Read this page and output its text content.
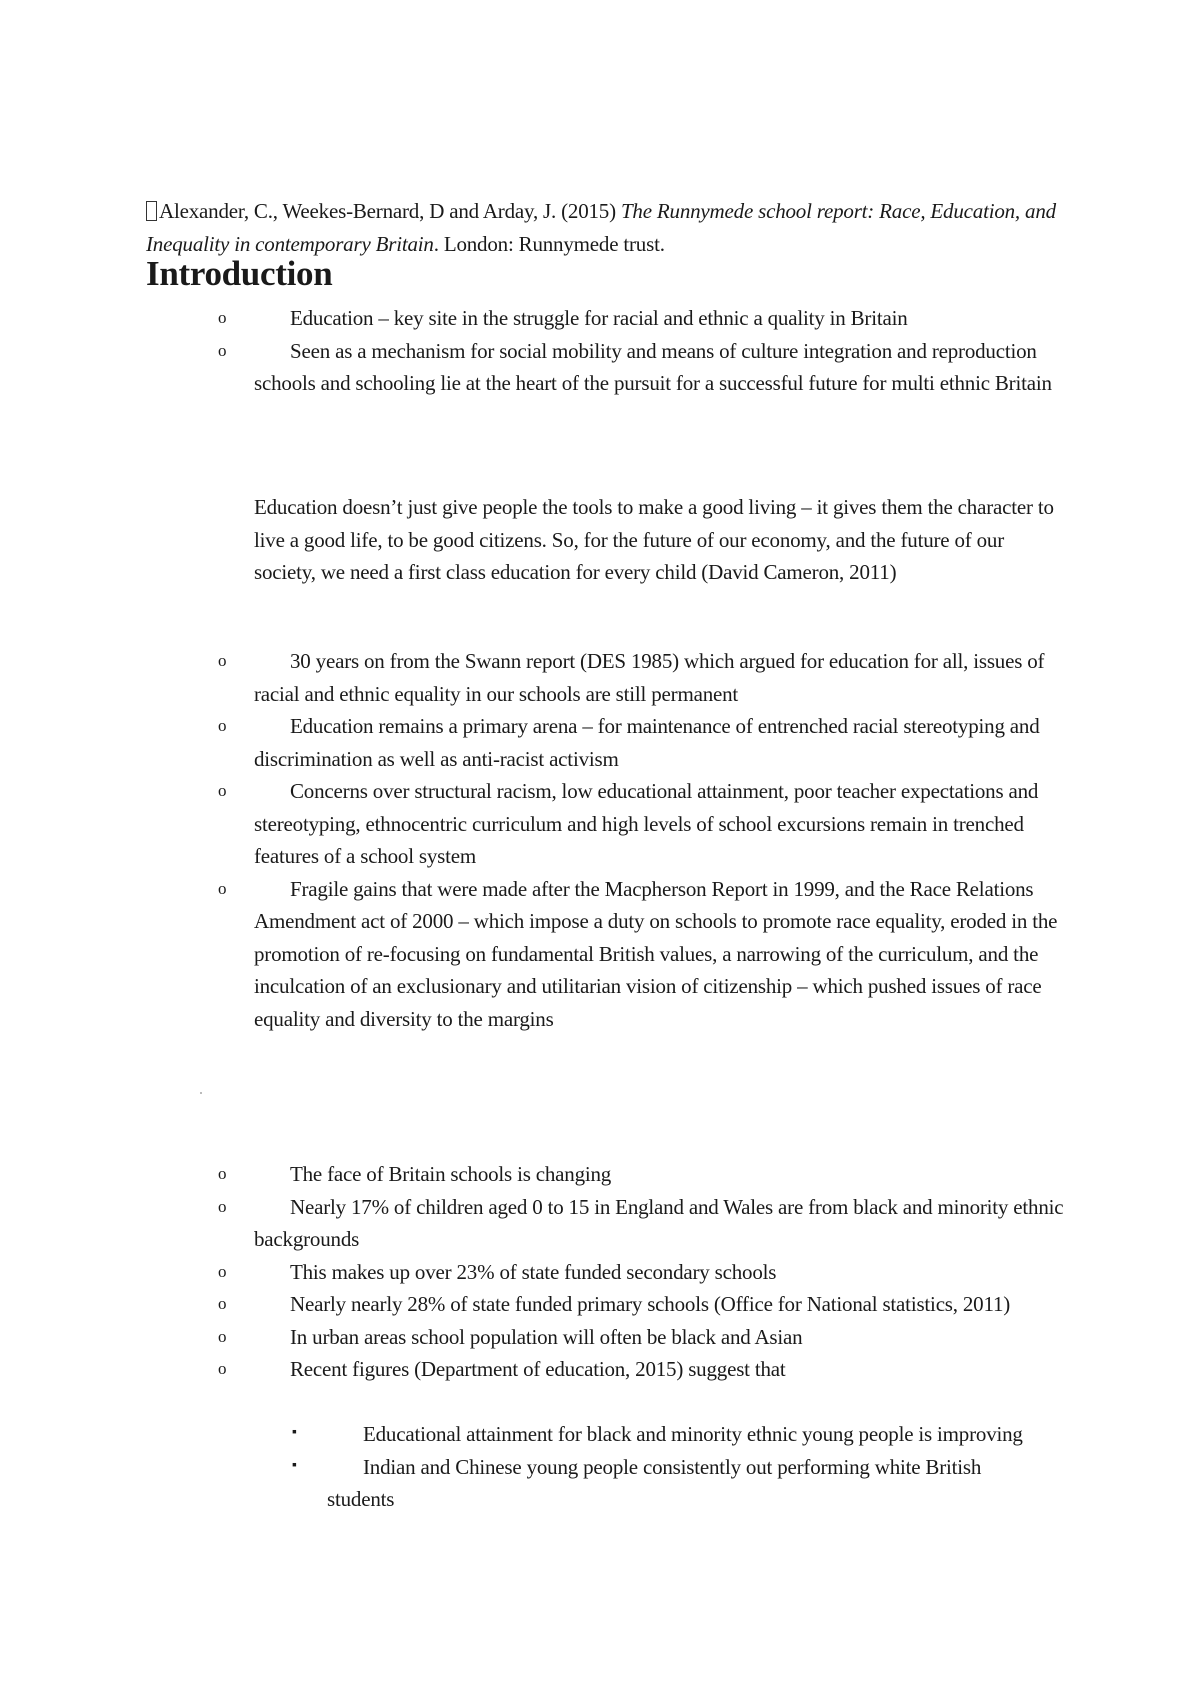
Alexander, C., Weekes-Bernard, D and Arday, J. (2015) The Runnymede school report: Race, Education, and Inequality in contemporary Britain. London: Runnymede trust.

Introduction
o	Education – key site in the struggle for racial and ethnic a quality in Britain
o	Seen as a mechanism for social mobility and means of culture integration and reproduction schools and schooling lie at the heart of the pursuit for a successful future for multi ethnic Britain

Education doesn’t just give people the tools to make a good living – it gives them the character to live a good life, to be good citizens. So, for the future of our economy, and the future of our society, we need a first class education for every child (David Cameron, 2011)

o	30 years on from the Swann report (DES 1985) which argued for education for all, issues of racial and ethnic equality in our schools are still permanent
o	Education remains a primary arena – for maintenance of entrenched racial stereotyping and discrimination as well as anti-racist activism
o	Concerns over structural racism, low educational attainment, poor teacher expectations and stereotyping, ethnocentric curriculum and high levels of school excursions remain in trenched features of a school system
o	Fragile gains that were made after the Macpherson Report in 1999, and the Race Relations Amendment act of 2000 – which impose a duty on schools to promote race equality, eroded in the promotion of re-focusing on fundamental British values, a narrowing of the curriculum, and the inculcation of an exclusionary and utilitarian vision of citizenship – which pushed issues of race equality and diversity to the margins
o	The face of Britain schools is changing
o	Nearly 17% of children aged 0 to 15 in England and Wales are from black and minority ethnic backgrounds
o	This makes up over 23% of state funded secondary schools
o	Nearly nearly 28% of state funded primary schools (Office for National statistics, 2011)
o	In urban areas school population will often be black and Asian
o	Recent figures (Department of education, 2015) suggest that
▪	Educational attainment for black and minority ethnic young people is improving
▪	Indian and Chinese young people consistently out performing white British students
